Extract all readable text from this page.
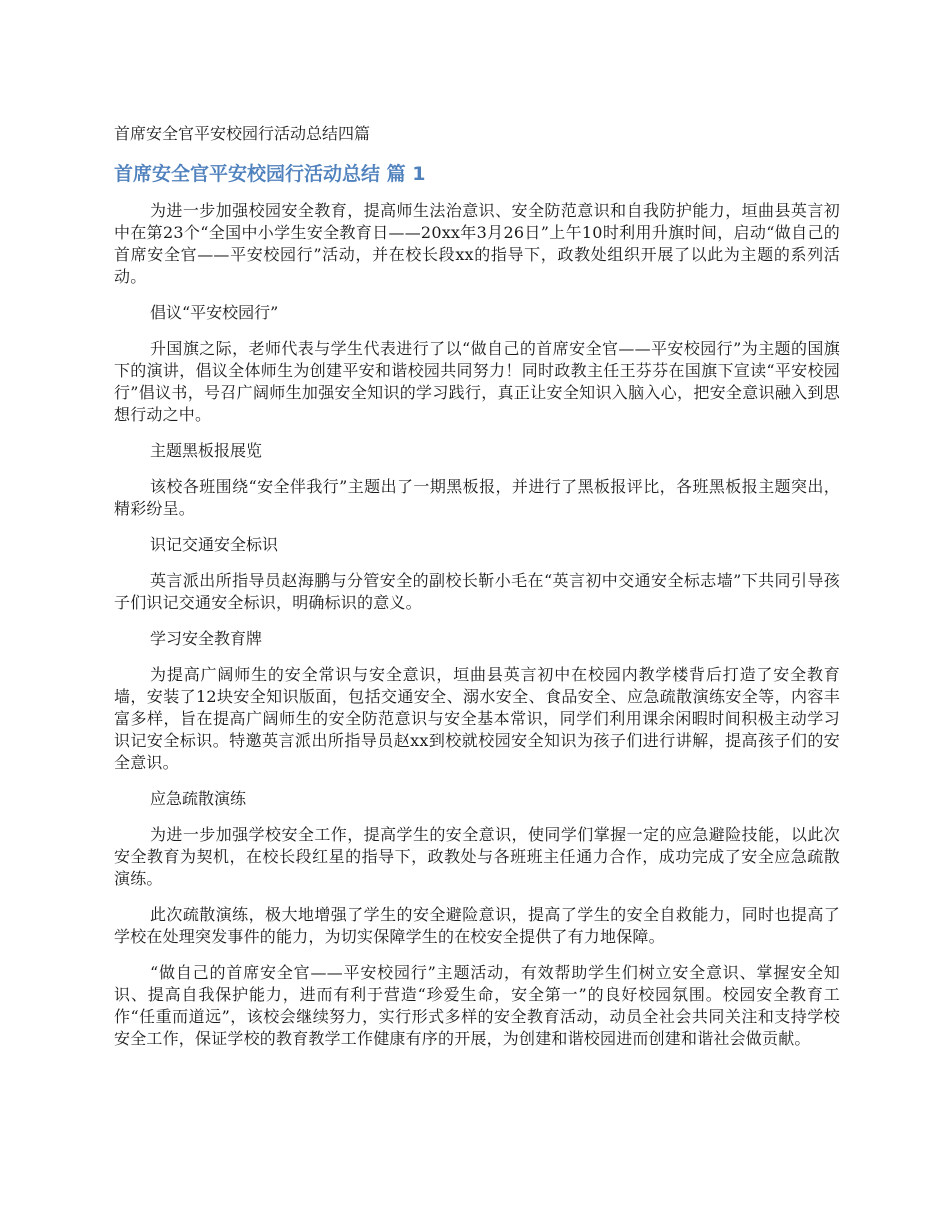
首席安全官平安校园行活动总结四篇
首席安全官平安校园行活动总结 篇 1

为进一步加强校园安全教育，提高师生法治意识、安全防范意识和自我防护能力，垣曲县英言初中在第23个“全国中小学生安全教育日——20xx年3月26日”上午10时利用升旗时间，启动“做自己的首席安全官——平安校园行”活动，并在校长段xx的指导下，政教处组织开展了以此为主题的系列活动。

倡议“平安校园行”

升国旗之际，老师代表与学生代表进行了以“做自己的首席安全官——平安校园行”为主题的国旗下的演讲，倡议全体师生为创建平安和谐校园共同努力！同时政教主任王芬芬在国旗下宣读“平安校园行”倡议书，号召广阔师生加强安全知识的学习践行，真正让安全知识入脑入心，把安全意识融入到思想行动之中。

主题黑板报展览

该校各班围绕“安全伴我行”主题出了一期黑板报，并进行了黑板报评比，各班黑板报主题突出，精彩纷呈。

识记交通安全标识

英言派出所指导员赵海鹏与分管安全的副校长靳小毛在“英言初中交通安全标志墙”下共同引导孩子们识记交通安全标识，明确标识的意义。

学习安全教育牌

为提高广阔师生的安全常识与安全意识，垣曲县英言初中在校园内教学楼背后打造了安全教育墙，安装了12块安全知识版面，包括交通安全、溺水安全、食品安全、应急疏散演练安全等，内容丰富多样，旨在提高广阔师生的安全防范意识与安全基本常识，同学们利用课余闲暇时间积极主动学习识记安全标识。特邀英言派出所指导员赵xx到校就校园安全知识为孩子们进行讲解，提高孩子们的安全意识。

应急疏散演练

为进一步加强学校安全工作，提高学生的安全意识，使同学们掌握一定的应急避险技能，以此次安全教育为契机，在校长段红星的指导下，政教处与各班班主任通力合作，成功完成了安全应急疏散演练。

此次疏散演练，极大地增强了学生的安全避险意识，提高了学生的安全自救能力，同时也提高了学校在处理突发事件的能力，为切实保障学生的在校安全提供了有力地保障。

“做自己的首席安全官——平安校园行”主题活动，有效帮助学生们树立安全意识、掌握安全知识、提高自我保护能力，进而有利于营造“珍爱生命，安全第一”的良好校园氛围。校园安全教育工作“任重而道远”，该校会继续努力，实行形式多样的安全教育活动，动员全社会共同关注和支持学校安全工作，保证学校的教育教学工作健康有序的开展，为创建和谐校园进而创建和谐社会做贡献。
